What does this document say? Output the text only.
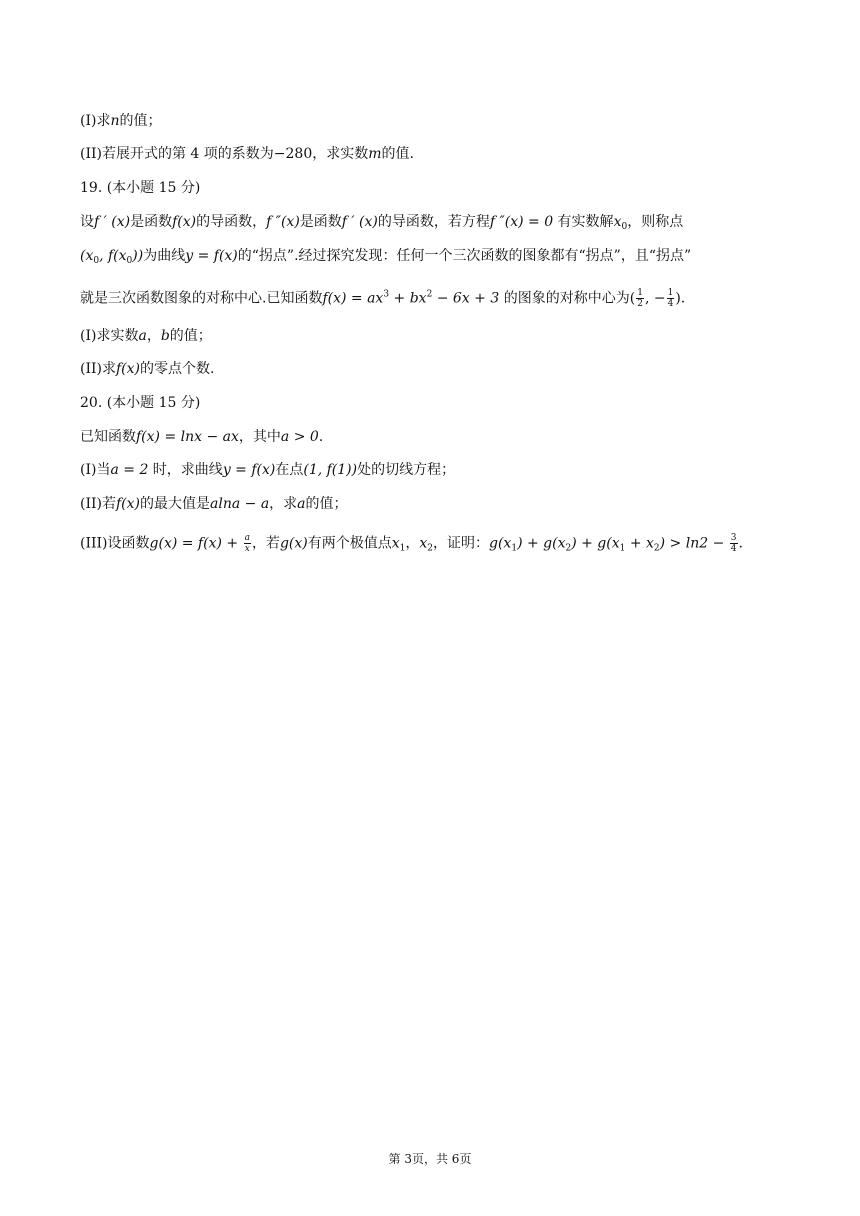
(I)求n的值；
(II)若展开式的第 4 项的系数为−280，求实数m的值.
19. (本小题 15 分)
设f ′ (x)是函数f(x)的导函数，f ″(x)是函数f ′ (x)的导函数，若方程f ″(x) = 0 有实数解$x_0$，则称点
($x_0$, $f(x_0)$)为曲线y = f(x)的“拐点”.经过探究发现：任何一个三次函数的图象都有“拐点”，且“拐点”
就是三次函数图象的对称中心.已知函数$f(x) = ax^3 + bx^2 - 6x + 3$ 的图象的对称中心为( $\frac{1}{2}$ , − $\frac{1}{4}$ ).
(I)求实数a，b的值；
(II)求f(x)的零点个数.
20. (本小题 15 分)
已知函数f(x) = lnx − ax，其中a > 0.
(I)当a = 2 时，求曲线y = f(x)在点(1, f(1))处的切线方程；
(II)若f(x)的最大值是alna − a，求a的值；
(III)设函数$g(x) = f(x) + \frac{a}{x}$ ，若g(x)有两个极值点$x_1$，$x_2$，证明：$g(x_1) + g(x_2) + g(x_1 + x_2) > \ln 2 - \frac{3}{4}$ .
第 3页，共 6页
